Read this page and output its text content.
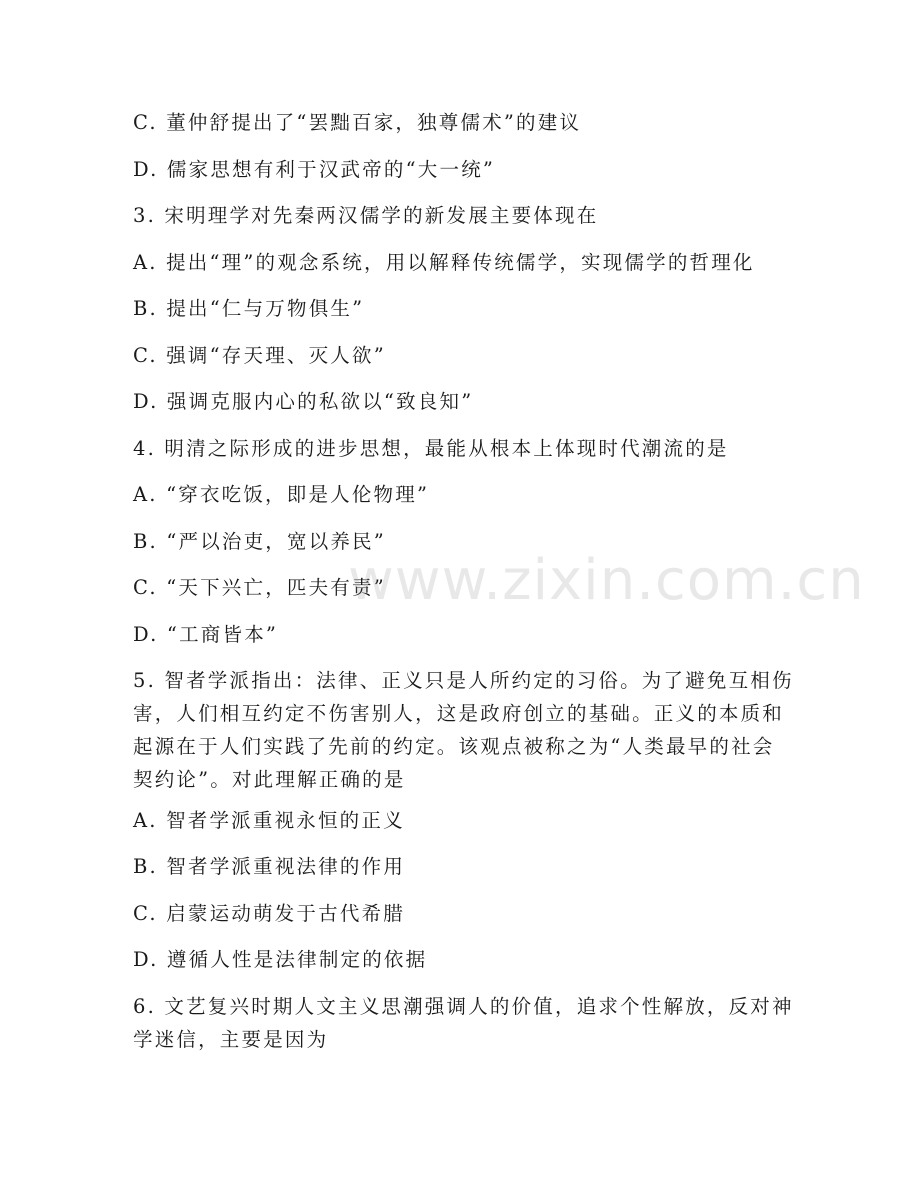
C. 董仲舒提出了“罢黜百家，独尊儒术”的建议
D. 儒家思想有利于汉武帝的“大一统”
3. 宋明理学对先秦两汉儒学的新发展主要体现在
A. 提出“理”的观念系统，用以解释传统儒学，实现儒学的哲理化
B. 提出“仁与万物俱生”
C. 强调“存天理、灭人欲”
D. 强调克服内心的私欲以“致良知”
4. 明清之际形成的进步思想，最能从根本上体现时代潮流的是
A. “穿衣吃饭，即是人伦物理”
B. “严以治吏，宽以养民”
C. “天下兴亡，匹夫有责”
D. “工商皆本”
5. 智者学派指出：法律、正义只是人所约定的习俗。为了避免互相伤
害，人们相互约定不伤害别人，这是政府创立的基础。正义的本质和
起源在于人们实践了先前的约定。该观点被称之为“人类最早的社会
契约论”。对此理解正确的是
A. 智者学派重视永恒的正义
B. 智者学派重视法律的作用
C. 启蒙运动萌发于古代希腊
D. 遵循人性是法律制定的依据
6. 文艺复兴时期人文主义思潮强调人的价值，追求个性解放，反对神
学迷信，主要是因为
www.zixin.com.cn
